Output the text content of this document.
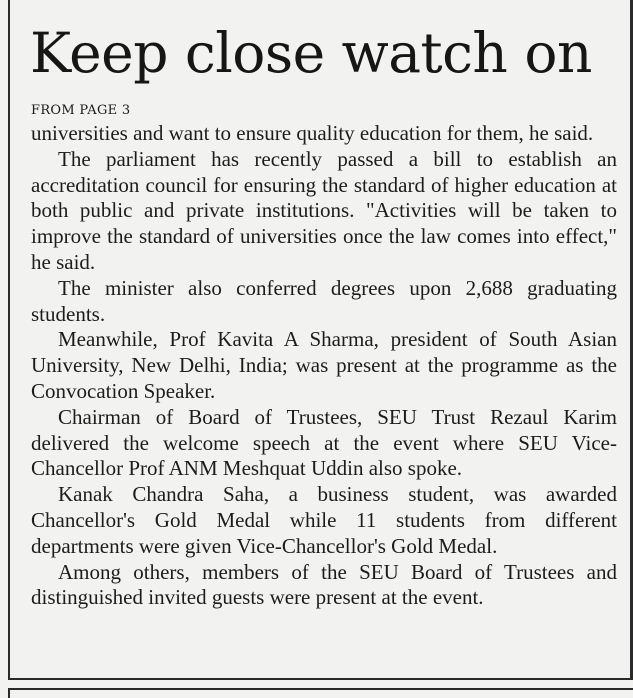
Keep close watch on
FROM PAGE 3

universities and want to ensure quality education for them, he said.

The parliament has recently passed a bill to establish an accreditation council for ensuring the standard of higher education at both public and private institutions. "Activities will be taken to improve the standard of universities once the law comes into effect," he said.

The minister also conferred degrees upon 2,688 graduating students.

Meanwhile, Prof Kavita A Sharma, president of South Asian University, New Delhi, India; was present at the programme as the Convocation Speaker.

Chairman of Board of Trustees, SEU Trust Rezaul Karim delivered the welcome speech at the event where SEU Vice-Chancellor Prof ANM Meshquat Uddin also spoke.

Kanak Chandra Saha, a business student, was awarded Chancellor's Gold Medal while 11 students from different departments were given Vice-Chancellor's Gold Medal.

Among others, members of the SEU Board of Trustees and distinguished invited guests were present at the event.
